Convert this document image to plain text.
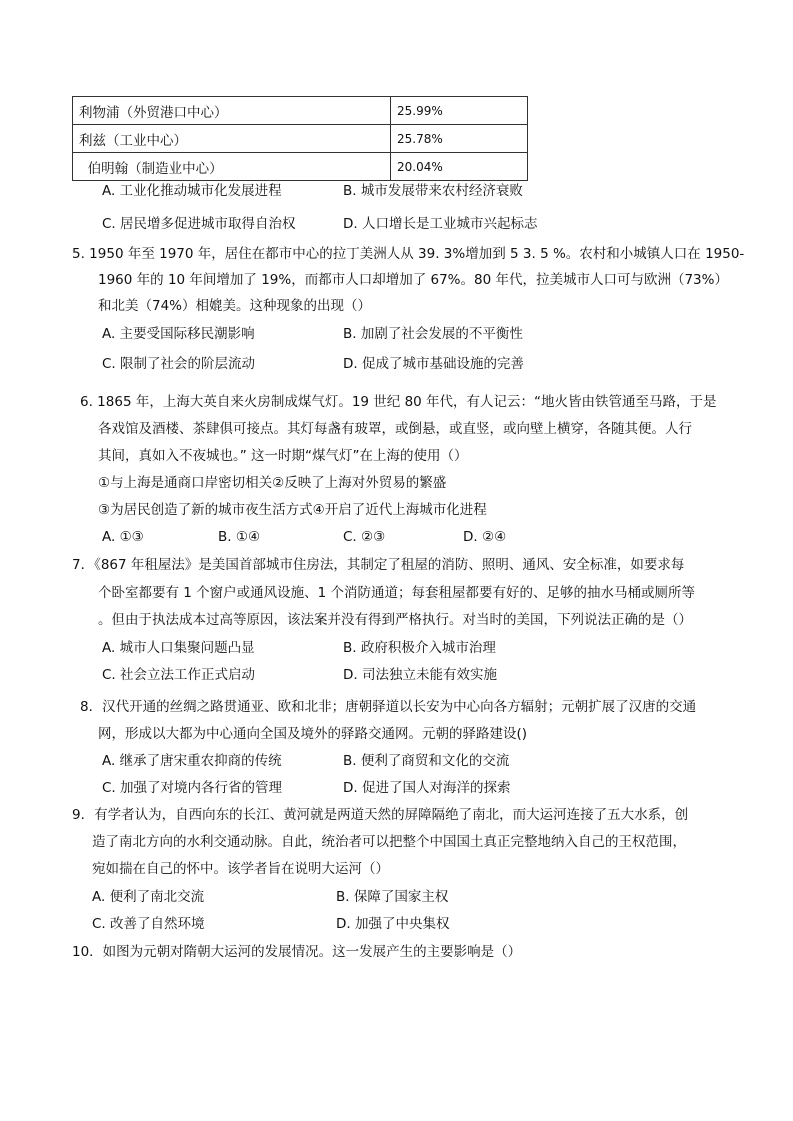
利物浦（外贸港口中心）	25.99%
利兹（工业中心）	25.78%
伯明翰（制造业中心）	20.04%
A. 工业化推动城市化发展进程	B. 城市发展带来农村经济衰败
C. 居民增多促进城市取得自治权	D. 人口增长是工业城市兴起标志
5. 1950 年至 1970 年，居住在都市中心的拉丁美洲人从 39. 3%增加到 5 3. 5 %。农村和小城镇人口在 1950-
1960 年的 10 年间增加了 19%，而都市人口却增加了 67%。80 年代，拉美城市人口可与欧洲（73%）
和北美（74%）相媲美。这种现象的出现（）
A. 主要受国际移民潮影响	B. 加剧了社会发展的不平衡性
C. 限制了社会的阶层流动	D. 促成了城市基础设施的完善
6. 1865 年，上海大英自来火房制成煤气灯。19 世纪 80 年代，有人记云：“地火皆由铁管通至马路，于是
各戏馆及酒楼、茶肆俱可接点。其灯每盏有玻罩，或倒悬，或直竖，或向壁上横穿，各随其便。人行
其间，真如入不夜城也。” 这一时期“煤气灯”在上海的使用（）
①与上海是通商口岸密切相关②反映了上海对外贸易的繁盛
③为居民创造了新的城市夜生活方式④开启了近代上海城市化进程
A. ①③	B. ①④	C. ②③	D. ②④
7．《867 年租屋法》是美国首部城市住房法，其制定了租屋的消防、照明、通风、安全标准，如要求每
个卧室都要有 1 个窗户或通风设施、1 个消防通道；每套租屋都要有好的、足够的抽水马桶或厕所等
。但由于执法成本过高等原因，该法案并没有得到严格执行。对当时的美国，下列说法正确的是（）
A. 城市人口集聚问题凸显	B. 政府积极介入城市治理
C. 社会立法工作正式启动	D. 司法独立未能有效实施
8．汉代开通的丝绸之路贯通亚、欧和北非；唐朝驿道以长安为中心向各方辐射；元朝扩展了汉唐的交通
网，形成以大都为中心通向全国及境外的驿路交通网。元朝的驿路建设()
A. 继承了唐宋重农抑商的传统	B. 便利了商贸和文化的交流
C. 加强了对境内各行省的管理	D. 促进了国人对海洋的探索
9．有学者认为，自西向东的长江、黄河就是两道天然的屏障隔绝了南北，而大运河连接了五大水系，创
造了南北方向的水利交通动脉。自此，统治者可以把整个中国国土真正完整地纳入自己的王权范围，
宛如揣在自己的怀中。该学者旨在说明大运河（）
A. 便利了南北交流	B. 保障了国家主权
C. 改善了自然环境	D. 加强了中央集权
10．如图为元朝对隋朝大运河的发展情况。这一发展产生的主要影响是（）
